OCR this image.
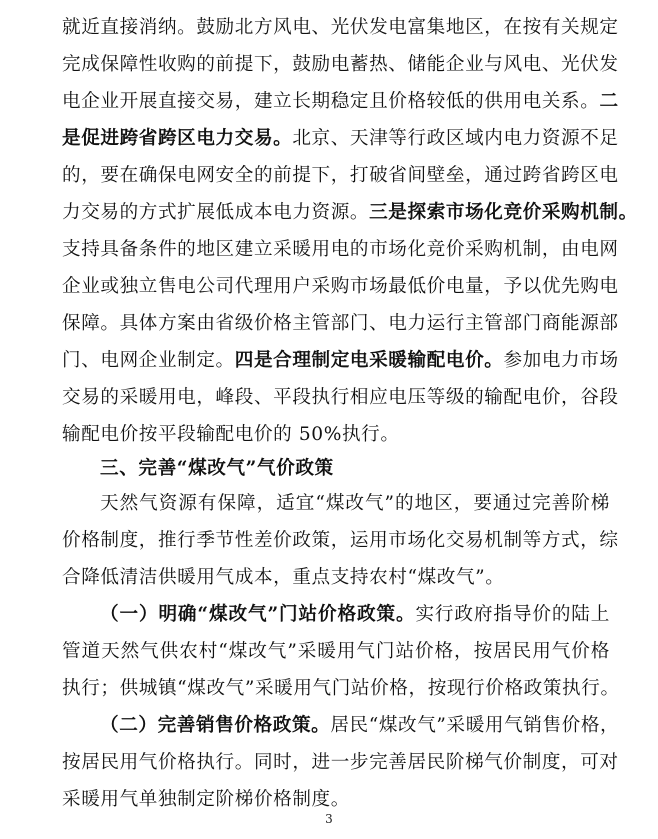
就近直接消纳。鼓励北方风电、光伏发电富集地区，在按有关规定
完成保障性收购的前提下，鼓励电蓄热、储能企业与风电、光伏发
电企业开展直接交易，建立长期稳定且价格较低的供用电关系。二
是促进跨省跨区电力交易。北京、天津等行政区域内电力资源不足
的，要在确保电网安全的前提下，打破省间壁垒，通过跨省跨区电
力交易的方式扩展低成本电力资源。三是探索市场化竞价采购机制。
支持具备条件的地区建立采暖用电的市场化竞价采购机制，由电网
企业或独立售电公司代理用户采购市场最低价电量，予以优先购电
保障。具体方案由省级价格主管部门、电力运行主管部门商能源部
门、电网企业制定。四是合理制定电采暖输配电价。参加电力市场
交易的采暖用电，峰段、平段执行相应电压等级的输配电价，谷段
输配电价按平段输配电价的 50%执行。
三、完善“煤改气”气价政策
天然气资源有保障，适宜“煤改气”的地区，要通过完善阶梯
价格制度，推行季节性差价政策，运用市场化交易机制等方式，综
合降低清洁供暖用气成本，重点支持农村“煤改气”。
（一）明确“煤改气”门站价格政策。实行政府指导价的陆上
管道天然气供农村“煤改气”采暖用气门站价格，按居民用气价格
执行；供城镇“煤改气”采暖用气门站价格，按现行价格政策执行。
（二）完善销售价格政策。居民“煤改气”采暖用气销售价格，
按居民用气价格执行。同时，进一步完善居民阶梯气价制度，可对
采暖用气单独制定阶梯价格制度。
3
